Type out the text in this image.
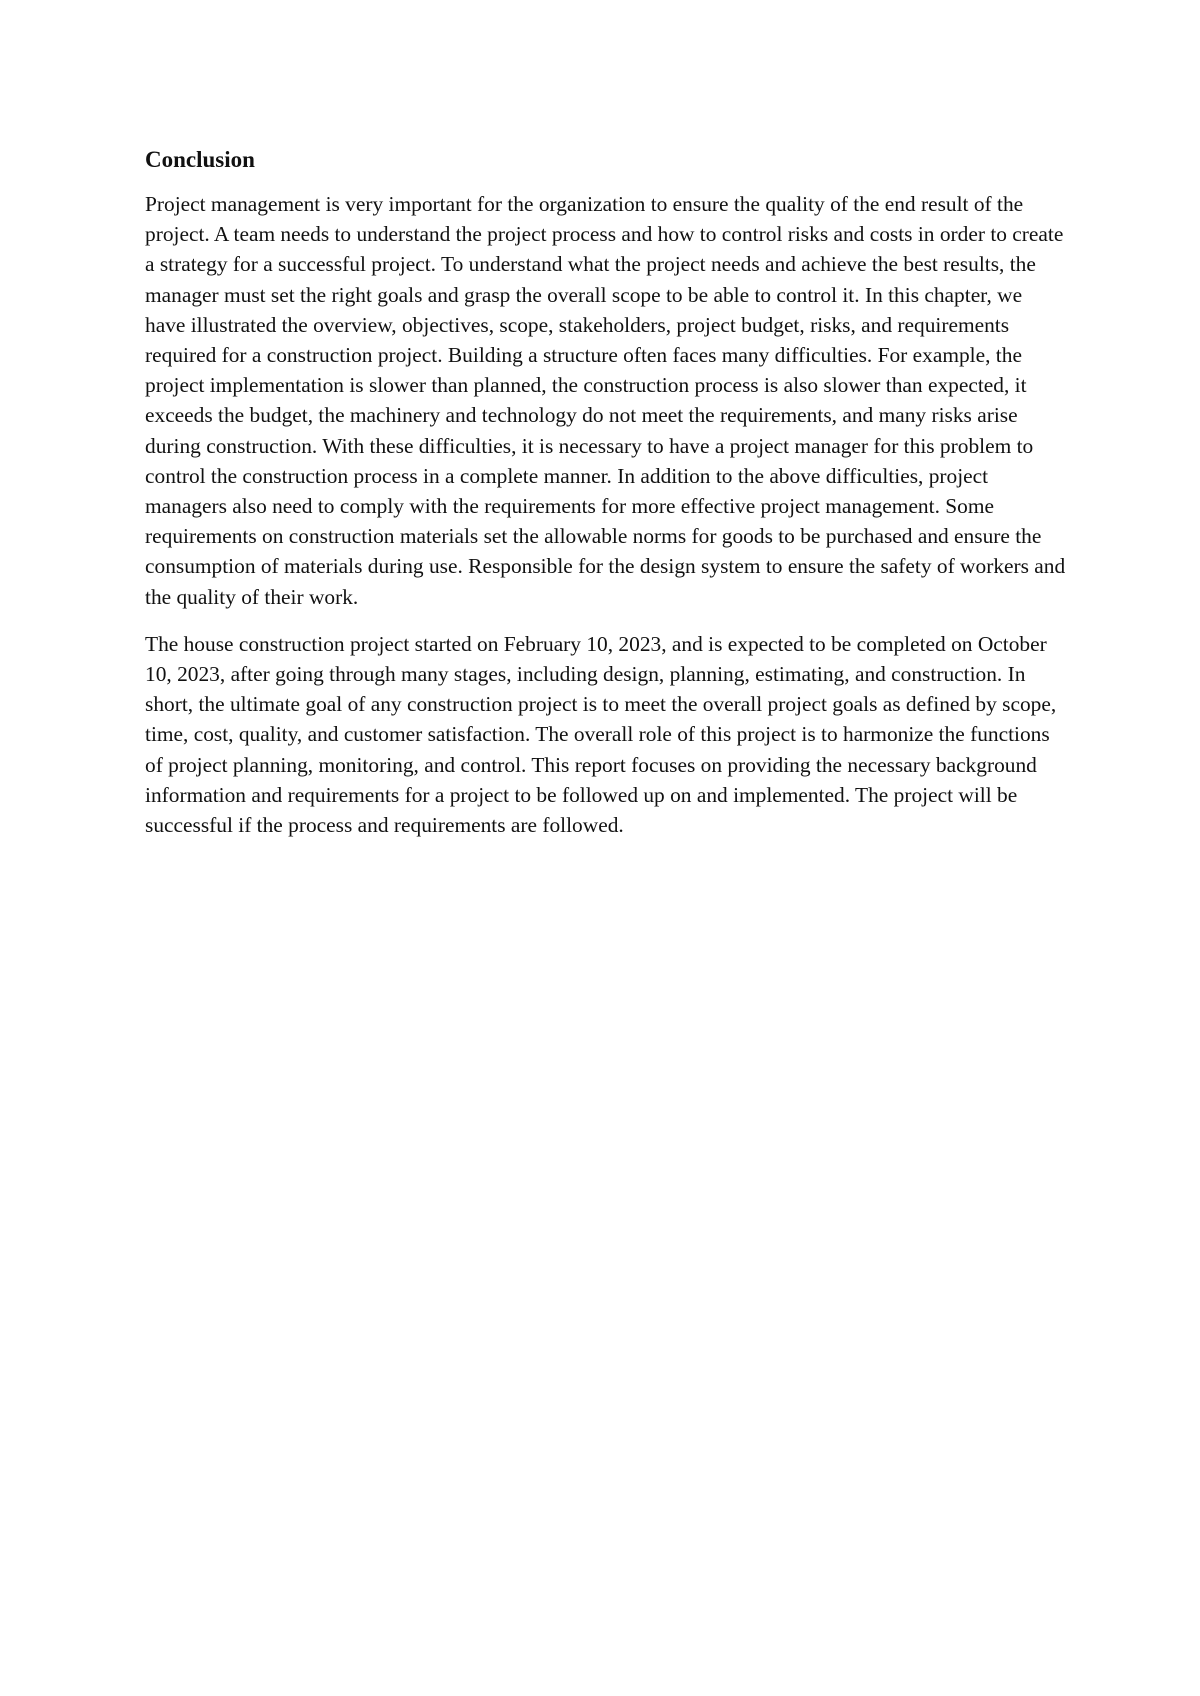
Conclusion

Project management is very important for the organization to ensure the quality of the end result of the project. A team needs to understand the project process and how to control risks and costs in order to create a strategy for a successful project. To understand what the project needs and achieve the best results, the manager must set the right goals and grasp the overall scope to be able to control it. In this chapter, we have illustrated the overview, objectives, scope, stakeholders, project budget, risks, and requirements required for a construction project. Building a structure often faces many difficulties. For example, the project implementation is slower than planned, the construction process is also slower than expected, it exceeds the budget, the machinery and technology do not meet the requirements, and many risks arise during construction. With these difficulties, it is necessary to have a project manager for this problem to control the construction process in a complete manner. In addition to the above difficulties, project managers also need to comply with the requirements for more effective project management. Some requirements on construction materials set the allowable norms for goods to be purchased and ensure the consumption of materials during use. Responsible for the design system to ensure the safety of workers and the quality of their work.

The house construction project started on February 10, 2023, and is expected to be completed on October 10, 2023, after going through many stages, including design, planning, estimating, and construction. In short, the ultimate goal of any construction project is to meet the overall project goals as defined by scope, time, cost, quality, and customer satisfaction. The overall role of this project is to harmonize the functions of project planning, monitoring, and control. This report focuses on providing the necessary background information and requirements for a project to be followed up on and implemented. The project will be successful if the process and requirements are followed.
